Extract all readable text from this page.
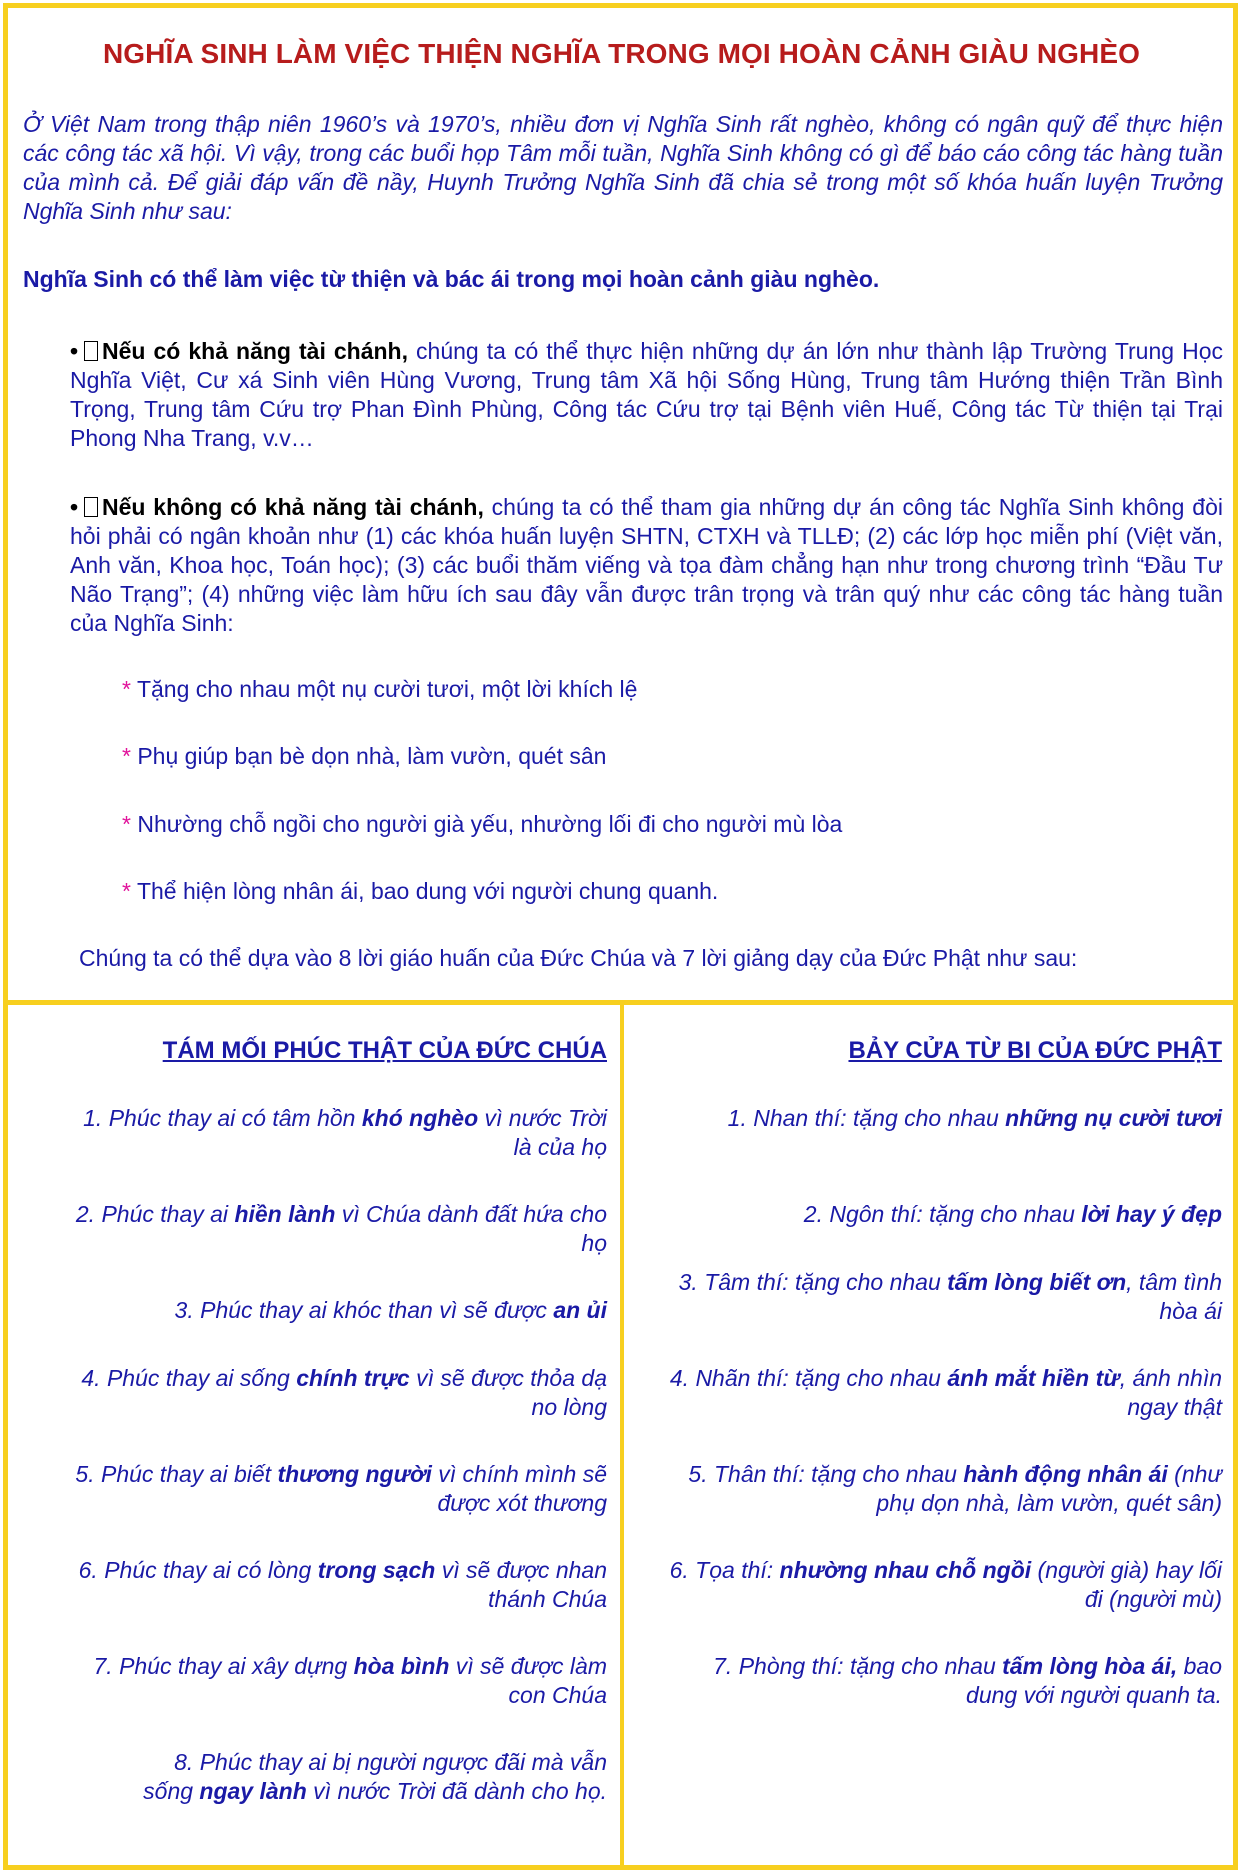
NGHĨA SINH LÀM VIỆC THIỆN NGHĨA TRONG MỌI HOÀN CẢNH GIÀU NGHÈO
Ở Việt Nam trong thập niên 1960’s và 1970’s, nhiều đơn vị Nghĩa Sinh rất nghèo, không có ngân quỹ để thực hiện các công tác xã hội. Vì vậy, trong các buổi họp Tâm mỗi tuần, Nghĩa Sinh không có gì để báo cáo công tác hàng tuần của mình cả. Để giải đáp vấn đề nầy, Huynh Trưởng Nghĩa Sinh đã chia sẻ trong một số khóa huấn luyện Trưởng Nghĩa Sinh như sau:
Nghĩa Sinh có thể làm việc từ thiện và bác ái trong mọi hoàn cảnh giàu nghèo.
• Nếu có khả năng tài chánh, chúng ta có thể thực hiện những dự án lớn như thành lập Trường Trung Học Nghĩa Việt, Cư xá Sinh viên Hùng Vương, Trung tâm Xã hội Sống Hùng, Trung tâm Hướng thiện Trần Bình Trọng, Trung tâm Cứu trợ Phan Đình Phùng, Công tác Cứu trợ tại Bệnh viên Huế, Công tác Từ thiện tại Trại Phong Nha Trang, v.v…
• Nếu không có khả năng tài chánh, chúng ta có thể tham gia những dự án công tác Nghĩa Sinh không đòi hỏi phải có ngân khoản như (1) các khóa huấn luyện SHTN, CTXH và TLLĐ; (2) các lớp học miễn phí (Việt văn, Anh văn, Khoa học, Toán học); (3) các buổi thăm viếng và tọa đàm chẳng hạn như trong chương trình “Đầu Tư Não Trạng”; (4) những việc làm hữu ích sau đây vẫn được trân trọng và trân quý như các công tác hàng tuần của Nghĩa Sinh:
* Tặng cho nhau một nụ cười tươi, một lời khích lệ
* Phụ giúp bạn bè dọn nhà, làm vườn, quét sân
* Nhường chỗ ngồi cho người già yếu, nhường lối đi cho người mù lòa
* Thể hiện lòng nhân ái, bao dung với người chung quanh.
Chúng ta có thể dựa vào 8 lời giáo huấn của Đức Chúa và 7 lời giảng dạy của Đức Phật như sau:
TÁM MỐI PHÚC THẬT CỦA ĐỨC CHÚA
1. Phúc thay ai có tâm hồn khó nghèo vì nước Trời là của họ
2. Phúc thay ai hiền lành vì Chúa dành đất hứa cho họ
3. Phúc thay ai khóc than vì sẽ được an ủi
4. Phúc thay ai sống chính trực vì sẽ được thỏa dạ no lòng
5. Phúc thay ai biết thương người vì chính mình sẽ được xót thương
6. Phúc thay ai có lòng trong sạch vì sẽ được nhan thánh Chúa
7. Phúc thay ai xây dựng hòa bình vì sẽ được làm con Chúa
8. Phúc thay ai bị người ngược đãi mà vẫn sống ngay lành vì nước Trời đã dành cho họ.
BẢY CỬA TỪ BI CỦA ĐỨC PHẬT
1. Nhan thí: tặng cho nhau những nụ cười tươi
2. Ngôn thí: tặng cho nhau lời hay ý đẹp
3. Tâm thí: tặng cho nhau tấm lòng biết ơn, tâm tình hòa ái
4. Nhãn thí: tặng cho nhau ánh mắt hiền từ, ánh nhìn ngay thật
5. Thân thí: tặng cho nhau hành động nhân ái (như phụ dọn nhà, làm vườn, quét sân)
6. Tọa thí: nhường nhau chỗ ngồi (người già) hay lối đi (người mù)
7. Phòng thí: tặng cho nhau tấm lòng hòa ái, bao dung với người quanh ta.
